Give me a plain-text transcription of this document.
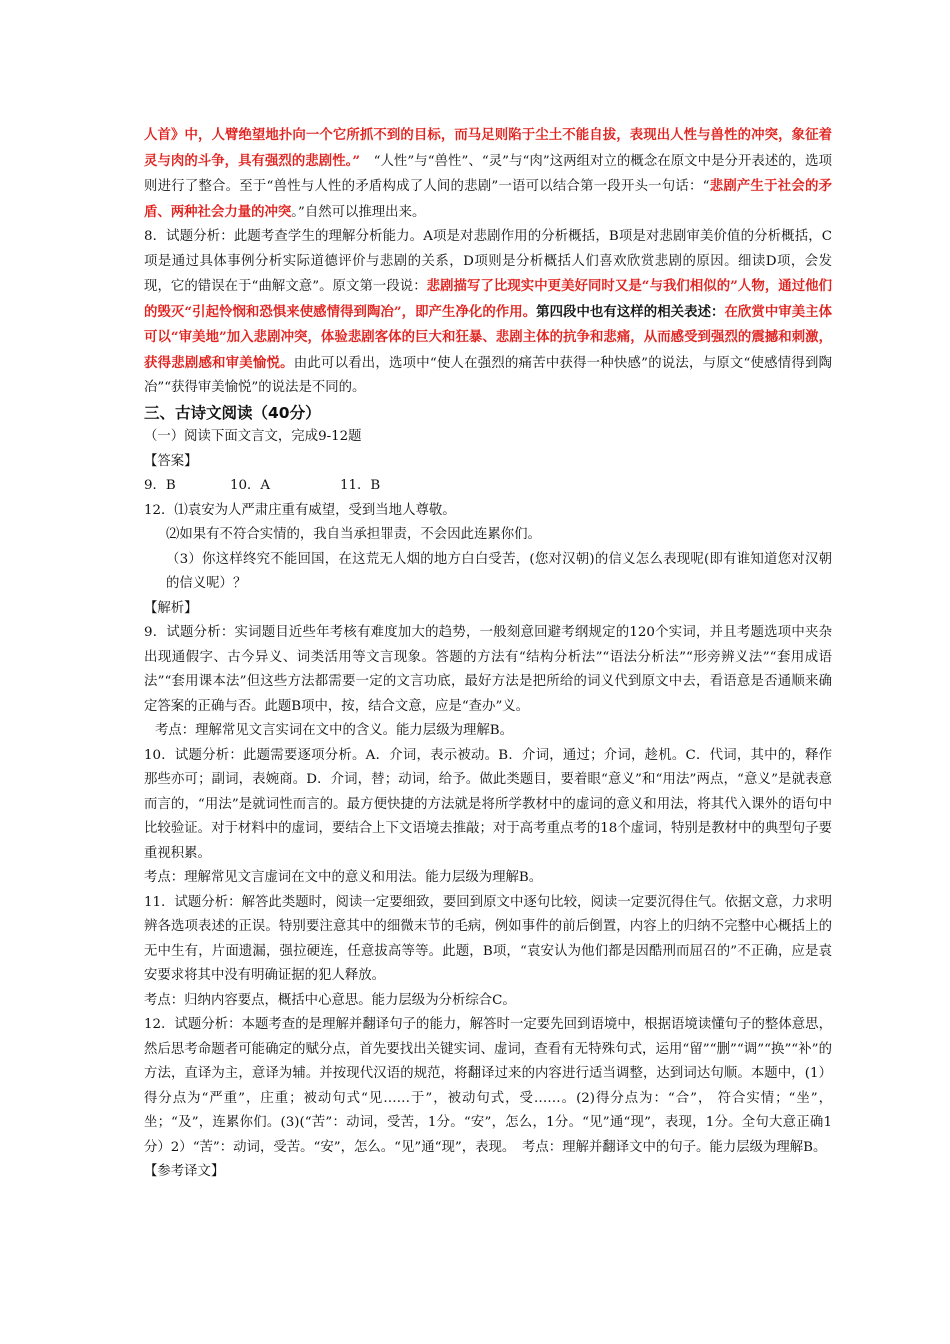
人首》中，人臂绝望地扑向一个它所抓不到的目标，而马足则陷于尘土不能自拔，表现出人性与兽性的冲突，象征着灵与肉的斗争，具有强烈的悲剧性。”　“人性”与“兽性”、“灵”与“肉”这两组对立的概念在原文中是分开表述的，选项则进行了整合。至于“兽性与人性的矛盾构成了人间的悲剧”一语可以结合第一段开头一句话：“悲剧产生于社会的矛盾、两种社会力量的冲突。”自然可以推理出来。

8．试题分析：此题考查学生的理解分析能力。A项是对悲剧作用的分析概括，B项是对悲剧审美价值的分析概括，C项是通过具体事例分析实际道德评价与悲剧的关系，D项则是分析概括人们喜欢欣赏悲剧的原因。细读D项，会发现，它的错误在于“曲解文意”。原文第一段说：悲剧描写了比现实中更美好同时又是“与我们相似的”人物，通过他们的毁灭“引起怜悯和恐惧来使感情得到陶冶”，即产生净化的作用。第四段中也有这样的相关表述：在欣赏中审美主体可以“审美地”加入悲剧冲突，体验悲剧客体的巨大和狂暴、悲剧主体的抗争和悲痛，从而感受到强烈的震撼和刺激，获得悲剧感和审美愉悦。由此可以看出，选项中“使人在强烈的痛苦中获得一种快感”的说法，与原文“使感情得到陶冶”“获得审美愉悦”的说法是不同的。

三、古诗文阅读（40分）

（一）阅读下面文言文，完成9-12题

【答案】

9．B	10．A	11．B

12．⑴袁安为人严肃庄重有威望，受到当地人尊敬。

⑵如果有不符合实情的，我自当承担罪责，不会因此连累你们。

（3）你这样终究不能回国，在这荒无人烟的地方白白受苦，(您对汉朝)的信义怎么表现呢(即有谁知道您对汉朝的信义呢）？

【解析】

9．试题分析：实词题目近些年考核有难度加大的趋势，一般刻意回避考纲规定的120个实词，并且考题选项中夹杂出现通假字、古今异义、词类活用等文言现象。答题的方法有“结构分析法”“语法分析法”“形旁辨义法”“套用成语法”“套用课本法”但这些方法都需要一定的文言功底，最好方法是把所给的词义代到原文中去，看语意是否通顺来确定答案的正确与否。此题B项中，按，结合文意，应是“查办”义。

考点：理解常见文言实词在文中的含义。能力层级为理解B。

10．试题分析：此题需要逐项分析。A．介词，表示被动。B．介词，通过；介词，趁机。C．代词，其中的，释作那些亦可；副词，表婉商。D．介词，替；动词，给予。做此类题目，要着眼“意义”和“用法”两点，“意义”是就表意而言的，“用法”是就词性而言的。最方便快捷的方法就是将所学教材中的虚词的意义和用法，将其代入课外的语句中比较验证。对于材料中的虚词，要结合上下文语境去推敲；对于高考重点考的18个虚词，特别是教材中的典型句子要重视积累。

考点：理解常见文言虚词在文中的意义和用法。能力层级为理解B。

11．试题分析：解答此类题时，阅读一定要细致，要回到原文中逐句比较，阅读一定要沉得住气。依据文意，力求明辨各选项表述的正误。特别要注意其中的细微末节的毛病，例如事件的前后倒置，内容上的归纳不完整中心概括上的无中生有，片面遗漏，强拉硬连，任意拔高等等。此题，B项，“袁安认为他们都是因酷刑而屈召的”不正确，应是袁安要求将其中没有明确证据的犯人释放。

考点：归纳内容要点，概括中心意思。能力层级为分析综合C。

12．试题分析：本题考查的是理解并翻译句子的能力，解答时一定要先回到语境中，根据语境读懂句子的整体意思，然后思考命题者可能确定的赋分点，首先要找出关键实词、虚词，查看有无特殊句式，运用“留”“删”“调”“换”“补”的方法，直译为主，意译为辅。并按现代汉语的规范，将翻译过来的内容进行适当调整，达到词达句顺。本题中，(1）得分点为“严重”，庄重；被动句式“见……于”，被动句式，受……。(2)得分点为：“合”， 符合实情；“坐”， 坐；“及”，连累你们。(3)(“苦”：动词，受苦，1分。“安”，怎么，1分。“见”通“现”，表现，1分。全句大意正确1分）2）“苦”：动词，受苦。“安”，怎么。“见”通“现”，表现。　考点：理解并翻译文中的句子。能力层级为理解B。

【参考译文】
